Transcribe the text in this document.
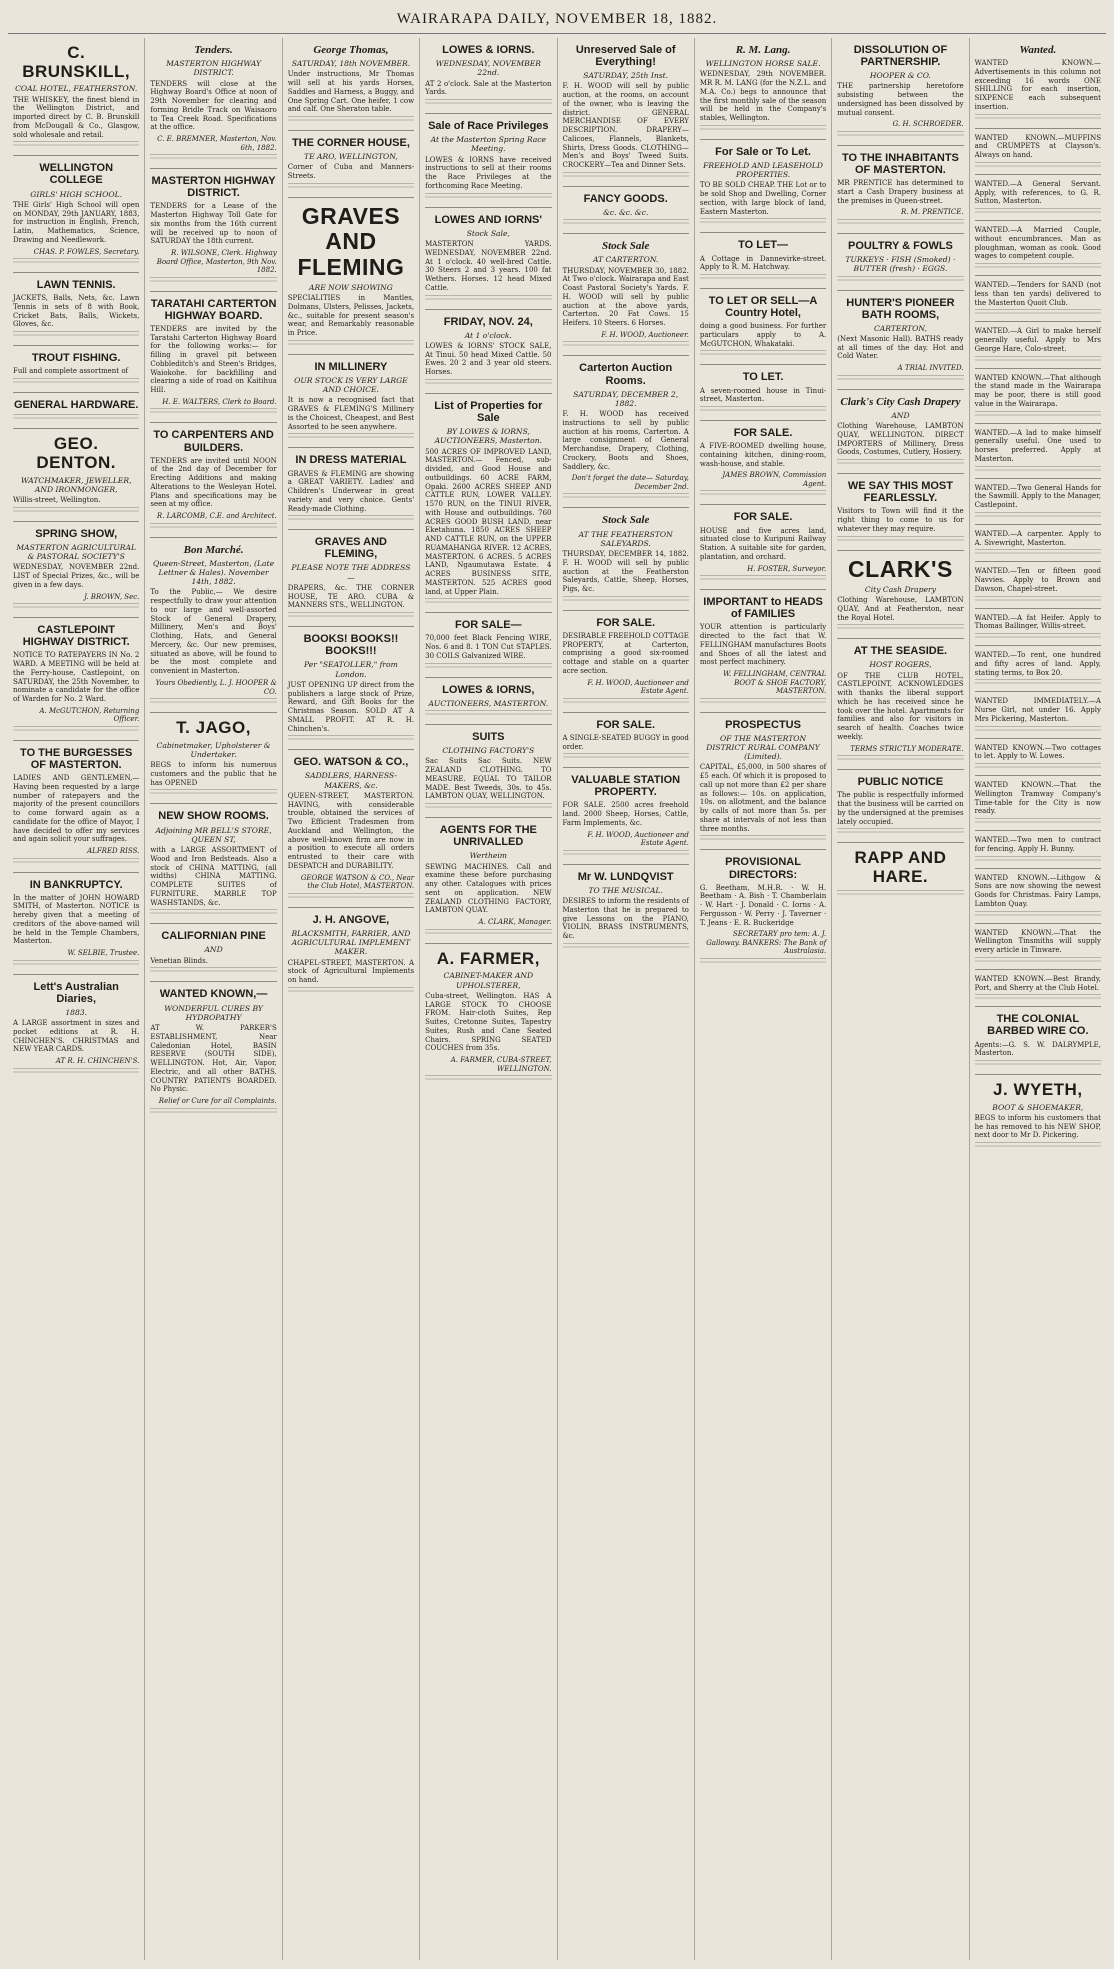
WAIRARAPA DAILY, NOVEMBER 18, 1882.
C. BRUNSKILL,
COAL HOTEL, FEATHERSTON.
THE WHISKEY, the finest blend in the Wellington District, and imported direct by C. B. Brunskill from McDougall & Co., Glasgow, sold wholesale and retail.
WELLINGTON COLLEGE
GIRLS' HIGH SCHOOL.
THE Girls' High School will open on MONDAY, 29th JANUARY, 1883, for instruction in English, French, Latin, Mathematics, Science, Drawing and Needlework.
CHAS. P. FOWLES, Secretary.
LAWN TENNIS.
JACKETS, Balls, Nets, &c. Lawn Tennis in sets of 8 with Book, Cricket Bats, Balls, Wickets, Gloves, &c.
TROUT FISHING.
Full and complete assortment of
GENERAL HARDWARE.
GEO. DENTON.
WATCHMAKER, JEWELLER, AND IRONMONGER,
Willis-street, Wellington.
SPRING SHOW,
MASTERTON AGRICULTURAL & PASTORAL SOCIETY'S
WEDNESDAY, NOVEMBER 22nd. LIST of Special Prizes, &c., will be given in a few days.
J. BROWN, Sec.
CASTLEPOINT HIGHWAY DISTRICT.
NOTICE TO RATEPAYERS IN No. 2 WARD. A MEETING will be held at the Ferry-house, Castlepoint, on SATURDAY, the 25th November, to nominate a candidate for the office of Warden for No. 2 Ward.
A. McGUTCHON, Returning Officer.
TO THE BURGESSES OF MASTERTON.
LADIES AND GENTLEMEN,— Having been requested by a large number of ratepayers and the majority of the present councillors to come forward again as a candidate for the office of Mayor, I have decided to offer my services and again solicit your suffrages.
ALFRED RISS.
IN BANKRUPTCY.
In the matter of JOHN HOWARD SMITH, of Masterton. NOTICE is hereby given that a meeting of creditors of the above-named will be held in the Temple Chambers, Masterton.
W. SELBIE, Trustee.
Lett's Australian Diaries,
1883.
A LARGE assortment in sizes and pocket editions at R. H. CHINCHEN'S. CHRISTMAS and NEW YEAR CARDS.
AT R. H. CHINCHEN'S.
Tenders.
MASTERTON HIGHWAY DISTRICT.
TENDERS will close at the Highway Board's Office at noon of 29th November for clearing and forming Bridle Track on Waisaoro to Tea Creek Road. Specifications at the office.
C. E. BREMNER, Masterton, Nov. 6th, 1882.
MASTERTON HIGHWAY DISTRICT.
TENDERS for a Lease of the Masterton Highway Toll Gate for six months from the 16th current will be received up to noon of SATURDAY the 18th current.
R. WILSONE, Clerk. Highway Board Office, Masterton, 9th Nov. 1882.
TARATAHI CARTERTON HIGHWAY BOARD.
TENDERS are invited by the Taratahi Carterton Highway Board for the following works:— for filling in gravel pit between Cobbleditch's and Steen's Bridges, Waiokohe. for backfilling and clearing a side of road on Kaitihua Hill.
H. E. WALTERS, Clerk to Board.
TO CARPENTERS AND BUILDERS.
TENDERS are invited until NOON of the 2nd day of December for Erecting Additions and making Alterations to the Wesleyan Hotel. Plans and specifications may be seen at my office.
R. LARCOMB, C.E. and Architect.
Bon Marché.
Queen-Street, Masterton, (Late Lettner & Hales). November 14th, 1882.
To the Public,— We desire respectfully to draw your attention to our large and well-assorted Stock of General Drapery, Millinery, Men's and Boys' Clothing, Hats, and General Mercery, &c. Our new premises, situated as above, will be found to be the most complete and convenient in Masterton.
Yours Obediently, L. J. HOOPER & CO.
T. JAGO,
Cabinetmaker, Upholsterer & Undertaker.
BEGS to inform his numerous customers and the public that he has OPENED
NEW SHOW ROOMS.
Adjoining MR BELL'S STORE, QUEEN ST,
with a LARGE ASSORTMENT of Wood and Iron Bedsteads. Also a stock of CHINA MATTING, (all widths) CHINA MATTING. COMPLETE SUITES of FURNITURE. MARBLE TOP WASHSTANDS, &c.
CALIFORNIAN PINE
AND
Venetian Blinds.
WANTED KNOWN,—
WONDERFUL CURES BY HYDROPATHY
AT W. PARKER'S ESTABLISHMENT, Near Caledonian Hotel, BASIN RESERVE (SOUTH SIDE), WELLINGTON. Hot, Air, Vapor, Electric, and all other BATHS. COUNTRY PATIENTS BOARDED. No Physic.
Relief or Cure for all Complaints.
George Thomas,
SATURDAY, 18th NOVEMBER.
Under instructions, Mr Thomas will sell at his yards Horses, Saddles and Harness, a Buggy, and One Spring Cart. One heifer, 1 cow and calf. One Sheraton table.
THE CORNER HOUSE,
TE ARO, WELLINGTON,
Corner of Cuba and Manners-Streets.
GRAVES AND FLEMING
ARE NOW SHOWING
SPECIALITIES in Mantles, Dolmans, Ulsters, Pelisses, Jackets, &c., suitable for present season's wear, and Remarkably reasonable in Price.
IN MILLINERY
OUR STOCK IS VERY LARGE AND CHOICE.
It is now a recognised fact that GRAVES & FLEMING'S Millinery is the Choicest, Cheapest, and Best Assorted to be seen anywhere.
IN DRESS MATERIAL
GRAVES & FLEMING are showing a GREAT VARIETY. Ladies' and Children's Underwear in great variety and very choice. Gents' Ready-made Clothing.
GRAVES AND FLEMING,
PLEASE NOTE THE ADDRESS—
DRAPERS, &c. THE CORNER HOUSE, TE ARO. CUBA & MANNERS STS., WELLINGTON.
BOOKS! BOOKS!! BOOKS!!!
Per "SEATOLLER," from London.
JUST OPENING UP direct from the publishers a large stock of Prize, Reward, and Gift Books for the Christmas Season. SOLD AT A SMALL PROFIT. AT R. H. Chinchen's.
GEO. WATSON & CO.,
SADDLERS, HARNESS-MAKERS, &c.
QUEEN-STREET, MASTERTON. HAVING, with considerable trouble, obtained the services of Two Efficient Tradesmen from Auckland and Wellington, the above well-known firm are now in a position to execute all orders entrusted to their care with DESPATCH and DURABILITY.
GEORGE WATSON & CO., Near the Club Hotel, MASTERTON.
J. H. ANGOVE,
BLACKSMITH, FARRIER, AND AGRICULTURAL IMPLEMENT MAKER.
CHAPEL-STREET, MASTERTON. A stock of Agricultural Implements on hand.
LOWES & IORNS.
WEDNESDAY, NOVEMBER 22nd.
AT 2 o'clock. Sale at the Masterton Yards.
Sale of Race Privileges
At the Masterton Spring Race Meeting.
LOWES & IORNS have received instructions to sell at their rooms the Race Privileges at the forthcoming Race Meeting.
LOWES AND IORNS'
Stock Sale,
MASTERTON YARDS. WEDNESDAY, NOVEMBER 22nd. At 1 o'clock. 40 well-bred Cattle. 30 Steers 2 and 3 years. 100 fat Wethers. Horses. 12 head Mixed Cattle.
FRIDAY, NOV. 24,
At 1 o'clock.
LOWES & IORNS' STOCK SALE, At Tinui. 50 head Mixed Cattle. 50 Ewes. 20 2 and 3 year old steers. Horses.
List of Properties for Sale
BY LOWES & IORNS, AUCTIONEERS, Masterton.
500 ACRES OF IMPROVED LAND, MASTERTON.— Fenced, sub-divided, and Good House and outbuildings. 60 ACRE FARM, Opaki. 2600 ACRES SHEEP AND CATTLE RUN, LOWER VALLEY. 1570 RUN, on the TINUI RIVER, with House and outbuildings. 760 ACRES GOOD BUSH LAND, near Eketahuna. 1850 ACRES SHEEP AND CATTLE RUN, on the UPPER RUAMAHANGA RIVER. 12 ACRES, MASTERTON. 6 ACRES. 5 ACRES LAND, Ngaumutawa Estate. 4 ACRES BUSINESS SITE, MASTERTON. 525 ACRES good land, at Upper Plain.
FOR SALE—
70,000 feet Black Fencing WIRE, Nos. 6 and 8. 1 TON Cut STAPLES. 30 COILS Galvanized WIRE.
LOWES & IORNS,
AUCTIONEERS, MASTERTON.
SUITS
CLOTHING FACTORY'S
Sac Suits Sac Suits. NEW ZEALAND CLOTHING. TO MEASURE. EQUAL TO TAILOR MADE. Best Tweeds, 30s. to 45s. LAMBTON QUAY, WELLINGTON.
AGENTS FOR THE UNRIVALLED
Wertheim
SEWING MACHINES. Call and examine these before purchasing any other. Catalogues with prices sent on application. NEW ZEALAND CLOTHING FACTORY, LAMBTON QUAY.
A. CLARK, Manager.
A. FARMER,
CABINET-MAKER AND UPHOLSTERER,
Cuba-street, Wellington. HAS A LARGE STOCK TO CHOOSE FROM. Hair-cloth Suites, Rep Suites, Cretonne Suites, Tapestry Suites, Rush and Cane Seated Chairs. SPRING SEATED COUCHES from 35s.
A. FARMER, CUBA-STREET, WELLINGTON.
Unreserved Sale of Everything!
SATURDAY, 25th Inst.
F. H. WOOD will sell by public auction, at the rooms, on account of the owner, who is leaving the district. GENERAL MERCHANDISE OF EVERY DESCRIPTION. DRAPERY—Calicoes, Flannels, Blankets, Shirts, Dress Goods. CLOTHING—Men's and Boys' Tweed Suits. CROCKERY—Tea and Dinner Sets.
FANCY GOODS.
&c. &c. &c.
Stock Sale
AT CARTERTON.
THURSDAY, NOVEMBER 30, 1882. At Two o'clock. Wairarapa and East Coast Pastoral Society's Yards. F. H. WOOD will sell by public auction at the above yards, Carterton. 20 Fat Cows. 15 Heifers. 10 Steers. 6 Horses.
F. H. WOOD, Auctioneer.
Carterton Auction Rooms.
SATURDAY, DECEMBER 2, 1882.
F. H. WOOD has received instructions to sell by public auction at his rooms, Carterton. A large consignment of General Merchandise, Drapery, Clothing, Crockery, Boots and Shoes, Saddlery, &c.
Don't forget the date— Saturday, December 2nd.
Stock Sale
AT THE FEATHERSTON SALEYARDS.
THURSDAY, DECEMBER 14, 1882. F. H. WOOD will sell by public auction at the Featherston Saleyards, Cattle, Sheep, Horses, Pigs, &c.
FOR SALE.
DESIRABLE FREEHOLD COTTAGE PROPERTY, at Carterton, comprising a good six-roomed cottage and stable on a quarter acre section.
F. H. WOOD, Auctioneer and Estate Agent.
FOR SALE.
A SINGLE-SEATED BUGGY in good order.
VALUABLE STATION PROPERTY.
FOR SALE. 2500 acres freehold land. 2000 Sheep, Horses, Cattle, Farm Implements, &c.
F. H. WOOD, Auctioneer and Estate Agent.
Mr W. LUNDQVIST
TO THE MUSICAL.
DESIRES to inform the residents of Masterton that he is prepared to give Lessons on the PIANO, VIOLIN, BRASS INSTRUMENTS, &c.
R. M. Lang.
WELLINGTON HORSE SALE.
WEDNESDAY, 29th NOVEMBER. MR R. M. LANG (for the N.Z.L. and M.A. Co.) begs to announce that the first monthly sale of the season will be held in the Company's stables, Wellington.
For Sale or To Let.
FREEHOLD AND LEASEHOLD PROPERTIES.
TO BE SOLD CHEAP. THE Lot or to be sold Shop and Dwelling, Corner section, with large block of land, Eastern Masterton.
TO LET—
A Cottage in Dannevirke-street. Apply to R. M. Hatchway.
TO LET OR SELL—A Country Hotel,
doing a good business. For further particulars apply to A. McGUTCHON, Whakataki.
TO LET.
A seven-roomed house in Tinui-street, Masterton.
FOR SALE.
A FIVE-ROOMED dwelling house, containing kitchen, dining-room, wash-house, and stable.
JAMES BROWN, Commission Agent.
FOR SALE.
HOUSE and five acres land, situated close to Kuripuni Railway Station. A suitable site for garden, plantation, and orchard.
H. FOSTER, Surveyor.
IMPORTANT to HEADS of FAMILIES
YOUR attention is particularly directed to the fact that W. FELLINGHAM manufactures Boots and Shoes of all the latest and most perfect machinery.
W. FELLINGHAM, CENTRAL BOOT & SHOE FACTORY, MASTERTON.
PROSPECTUS
OF THE MASTERTON DISTRICT RURAL COMPANY (Limited).
CAPITAL, £5,000, in 500 shares of £5 each. Of which it is proposed to call up not more than £2 per share as follows:— 10s. on application, 10s. on allotment, and the balance by calls of not more than 5s. per share at intervals of not less than three months.
PROVISIONAL DIRECTORS:
G. Beetham, M.H.R. · W. H. Beetham · A. Bish · T. Chamberlain · W. Hart · J. Donald · C. Iorns · A. Fergusson · W. Perry · J. Taverner · T. Jeans · E. R. Buckeridge
SECRETARY pro tem: A. J. Galloway. BANKERS: The Bank of Australasia.
DISSOLUTION OF PARTNERSHIP.
HOOPER & CO.
THE partnership heretofore subsisting between the undersigned has been dissolved by mutual consent.
G. H. SCHROEDER.
TO THE INHABITANTS OF MASTERTON.
MR PRENTICE has determined to start a Cash Drapery business at the premises in Queen-street.
R. M. PRENTICE.
POULTRY & FOWLS
TURKEYS · FISH (Smoked) · BUTTER (fresh) · EGGS.
HUNTER'S PIONEER BATH ROOMS,
CARTERTON,
(Next Masonic Hall). BATHS ready at all times of the day. Hot and Cold Water.
A TRIAL INVITED.
Clark's City Cash Drapery
AND
Clothing Warehouse, LAMBTON QUAY, WELLINGTON. DIRECT IMPORTERS of Millinery, Dress Goods, Costumes, Cutlery, Hosiery.
WE SAY THIS MOST FEARLESSLY.
Visitors to Town will find it the right thing to come to us for whatever they may require.
CLARK'S
City Cash Drapery
Clothing Warehouse, LAMBTON QUAY, And at Featherston, near the Royal Hotel.
AT THE SEASIDE.
HOST ROGERS,
OF THE CLUB HOTEL, CASTLEPOINT, ACKNOWLEDGES with thanks the liberal support which he has received since he took over the hotel. Apartments for families and also for visitors in search of health. Coaches twice weekly.
TERMS STRICTLY MODERATE.
PUBLIC NOTICE
The public is respectfully informed that the business will be carried on by the undersigned at the premises lately occupied.
RAPP AND HARE.
Wanted.
WANTED KNOWN.—Advertisements in this column not exceeding 16 words ONE SHILLING for each insertion, SIXPENCE each subsequent insertion.
WANTED KNOWN.—MUFFINS and CRUMPETS at Clayson's. Always on hand.
WANTED.—A General Servant. Apply, with references, to G. R. Sutton, Masterton.
WANTED.—A Married Couple, without encumbrances. Man as ploughman, woman as cook. Good wages to competent couple.
WANTED.—Tenders for SAND (not less than ten yards) delivered to the Masterton Quoit Club.
WANTED.—A Girl to make herself generally useful. Apply to Mrs George Hare, Colo-street.
WANTED KNOWN.—That although the stand made in the Wairarapa may be poor, there is still good value in the Wairarapa.
WANTED.—A lad to make himself generally useful. One used to horses preferred. Apply at Masterton.
WANTED.—Two General Hands for the Sawmill. Apply to the Manager, Castlepoint.
WANTED.—A carpenter. Apply to A. Sivewright, Masterton.
WANTED.—Ten or fifteen good Navvies. Apply to Brown and Dawson, Chapel-street.
WANTED.—A fat Heifer. Apply to Thomas Ballinger, Willis-street.
WANTED.—To rent, one hundred and fifty acres of land. Apply, stating terms, to Box 20.
WANTED IMMEDIATELY.—A Nurse Girl, not under 16. Apply Mrs Pickering, Masterton.
WANTED KNOWN.—Two cottages to let. Apply to W. Lowes.
WANTED KNOWN.—That the Wellington Tramway Company's Time-table for the City is now ready.
WANTED.—Two men to contract for fencing. Apply H. Bunny.
WANTED KNOWN.—Lithgow & Sons are now showing the newest Goods for Christmas. Fairy Lamps, Lambton Quay.
WANTED KNOWN.—That the Wellington Tinsmiths will supply every article in Tinware.
WANTED KNOWN.—Best Brandy, Port, and Sherry at the Club Hotel.
THE COLONIAL BARBED WIRE CO.
Agents:—G. S. W. DALRYMPLE, Masterton.
J. WYETH,
BOOT & SHOEMAKER,
BEGS to inform his customers that he has removed to his NEW SHOP, next door to Mr D. Pickering.
